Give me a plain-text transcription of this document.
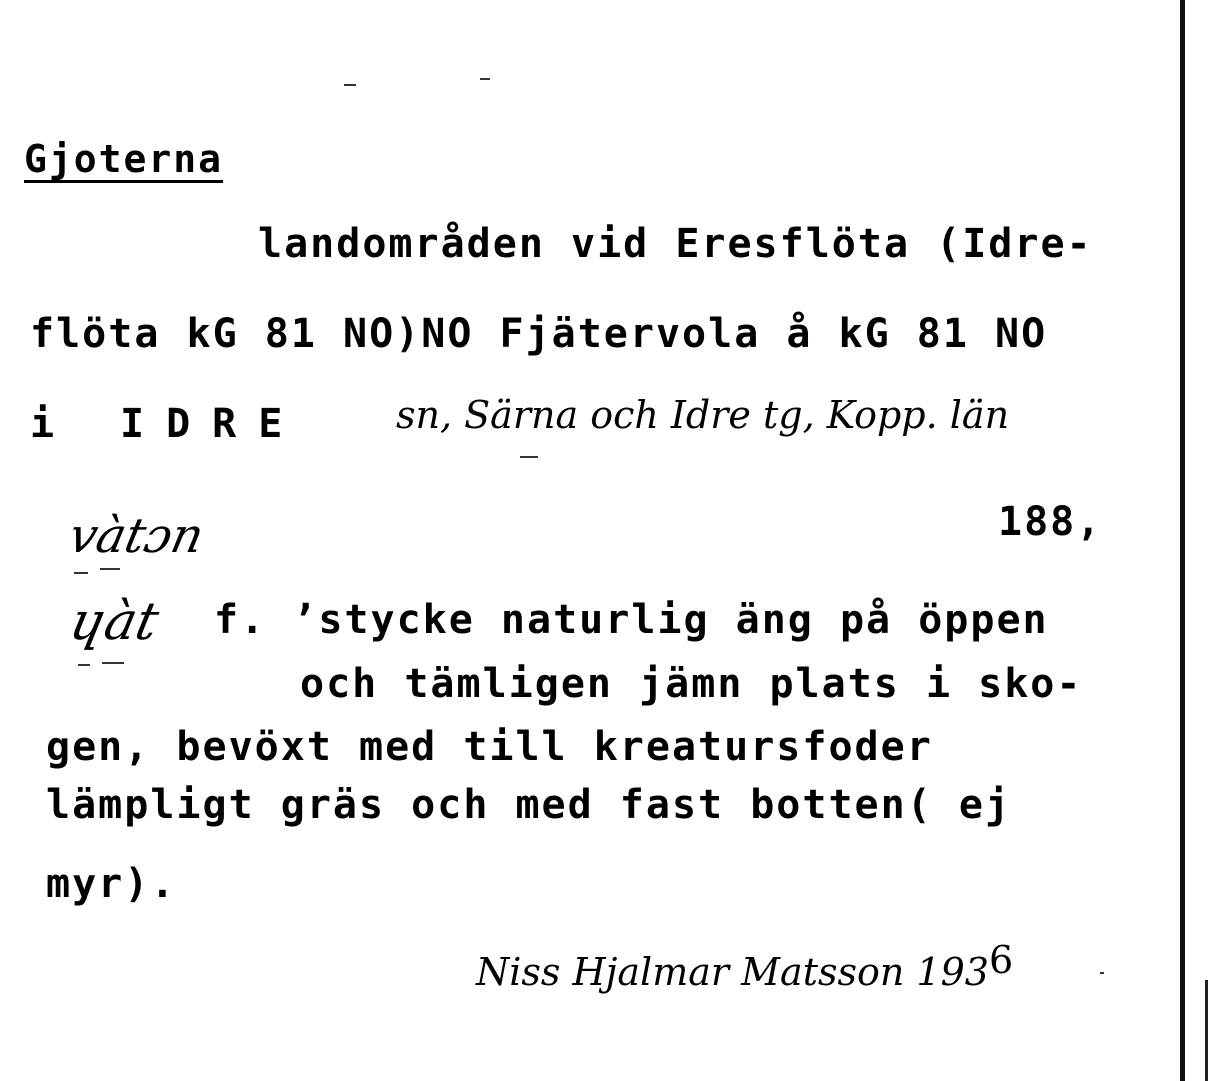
Gjoterna
landområden vid Eresflöta (Idre-
flöta kG 81 NO)NO Fjätervola å kG 81 NO
i IDRE sn, Särna och Idre tg, Kopp. län
vàtɔn	188,
ɥàt f. ʼstycke naturlig äng på öppen
och tämligen jämn plats i sko-
gen, bevöxt med till kreatursfoder
lämpligt gräs och med fast botten( ej
myr).
Niss Hjalmar Matsson 1936
